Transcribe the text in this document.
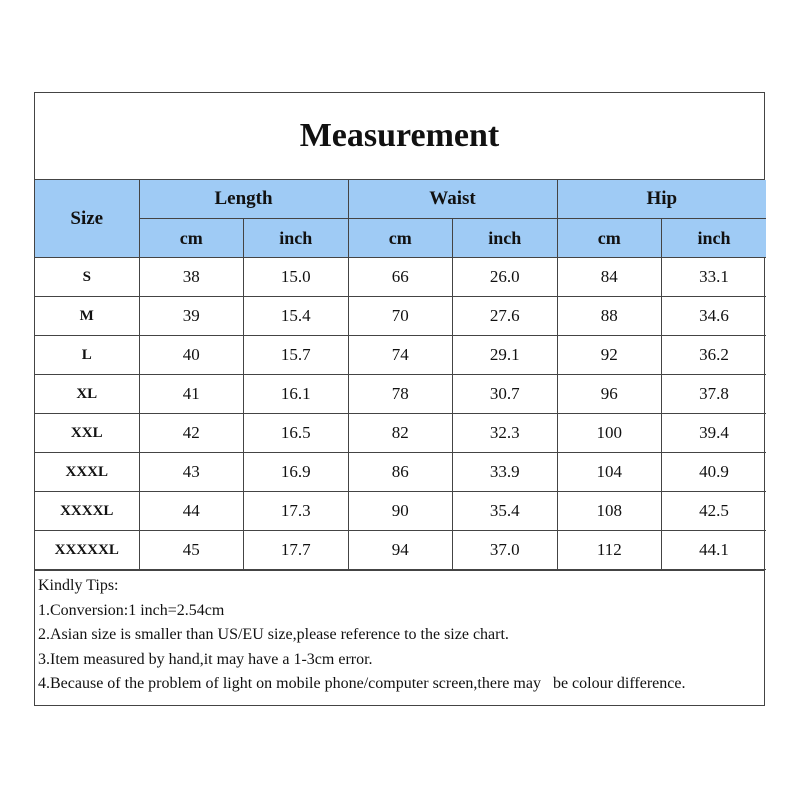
Measurement
Size	Length		Waist		Hip	
	cm	inch	cm	inch	cm	inch
S	38	15.0	66	26.0	84	33.1
M	39	15.4	70	27.6	88	34.6
L	40	15.7	74	29.1	92	36.2
XL	41	16.1	78	30.7	96	37.8
XXL	42	16.5	82	32.3	100	39.4
XXXL	43	16.9	86	33.9	104	40.9
XXXXL	44	17.3	90	35.4	108	42.5
XXXXXL	45	17.7	94	37.0	112	44.1
Kindly Tips:
1.Conversion:1 inch=2.54cm
2.Asian size is smaller than US/EU size,please reference to the size chart.
3.Item measured by hand,it may have a 1-3cm error.
4.Because of the problem of light on mobile phone/computer screen,there may   be colour difference.
